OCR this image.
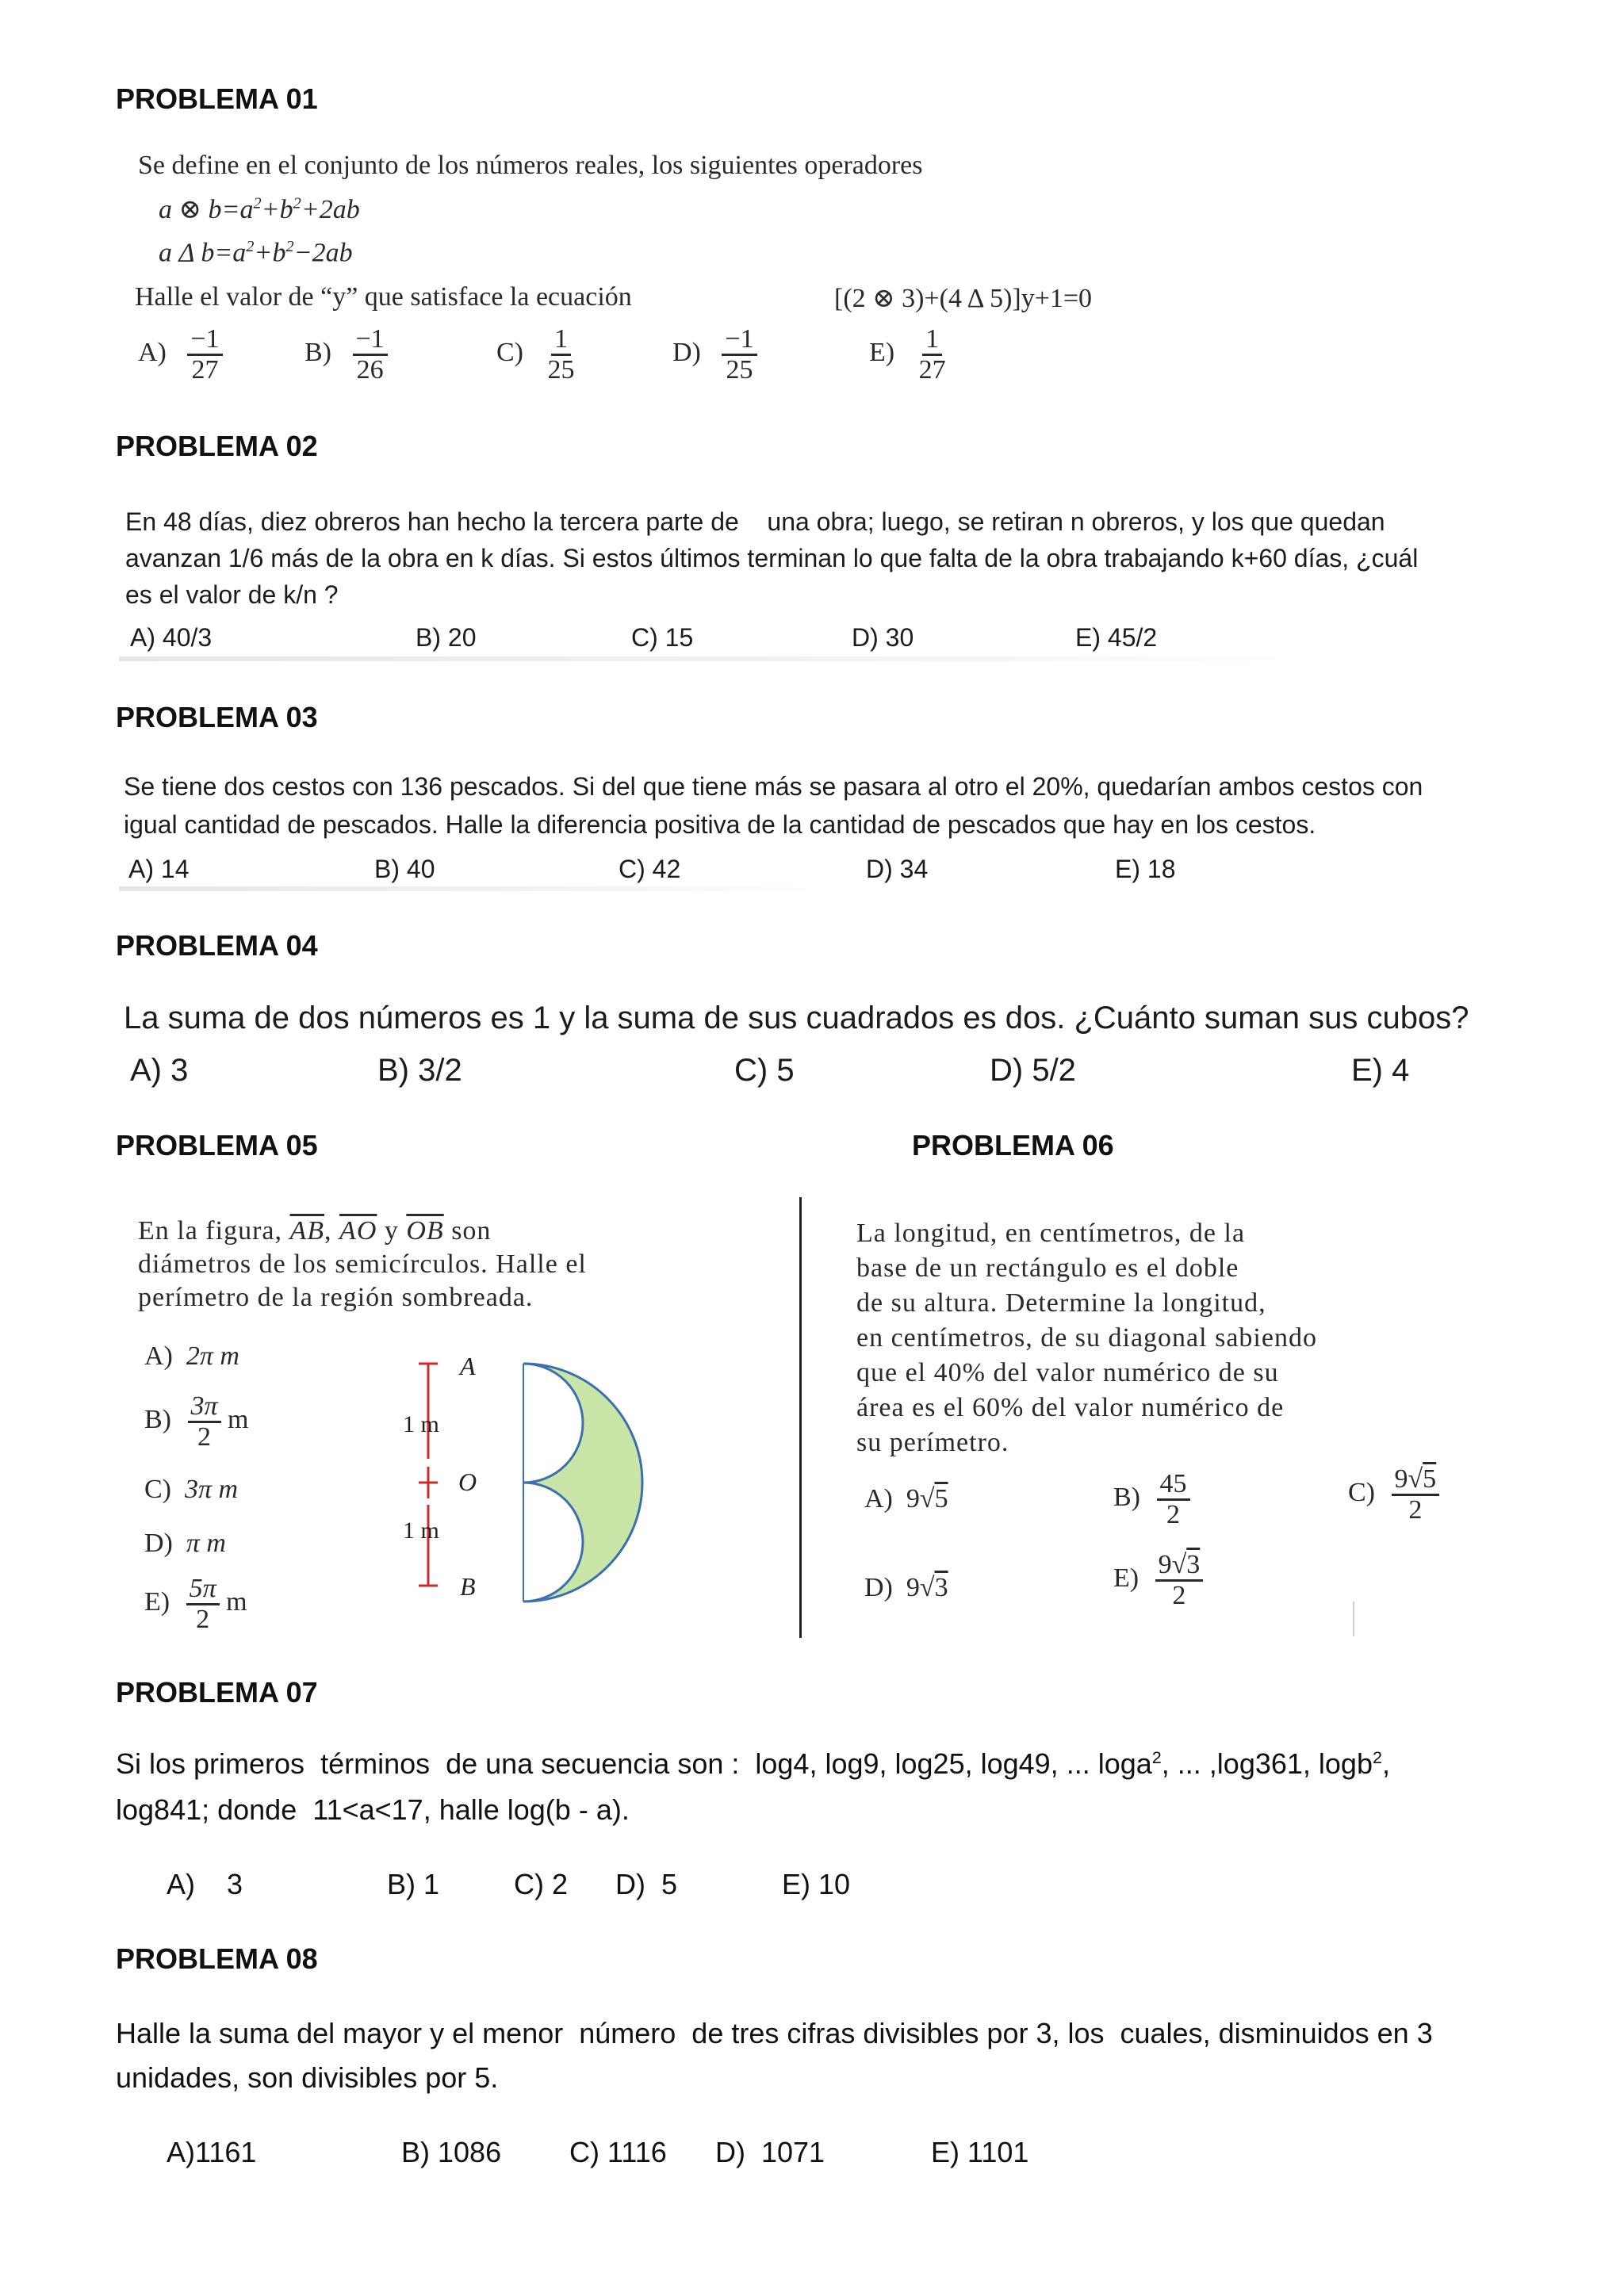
PROBLEMA 01
Se define en el conjunto de los números reales, los siguientes operadores
a ⊗ $b=a^2+b^2+2ab$
a Δ $b=a^2+b^2-2ab$
Halle el valor de “y” que satisface la ecuación	[(2 ⊗ 3)+(4 Δ 5)]y+1=0
$A) \frac{-1}{27}$	$B) \frac{-1}{26}$	$C) \frac{1}{25}$	$D) \frac{-1}{25}$	$E) \frac{1}{27}$
PROBLEMA 02
En 48 días, diez obreros han hecho la tercera parte de    una obra; luego, se retiran n obreros, y los que quedan
avanzan 1/6 más de la obra en k días. Si estos últimos terminan lo que falta de la obra trabajando k+60 días, ¿cuál
es el valor de k/n ?
A) 40/3	B) 20	C) 15	D) 30	E) 45/2
PROBLEMA 03
Se tiene dos cestos con 136 pescados. Si del que tiene más se pasara al otro el 20%, quedarían ambos cestos con
igual cantidad de pescados. Halle la diferencia positiva de la cantidad de pescados que hay en los cestos.
A) 14	B) 40	C) 42	D) 34	E) 18
PROBLEMA 04
La suma de dos números es 1 y la suma de sus cuadrados es dos. ¿Cuánto suman sus cubos?
A) 3	B) 3/2	C) 5	D) 5/2	E) 4
PROBLEMA 05	PROBLEMA 06
En la figura, $\overline{AB}$, $\overline{AO}$ y $\overline{OB}$ son
diámetros de los semicírculos. Halle el
perímetro de la región sombreada.
A) 2π m
$B) \frac{3\pi}{2}$ m
C) 3π m
D) π m
$E) \frac{5\pi}{2}$ m
A
O
B
1 m
1 m
La longitud, en centímetros, de la
base de un rectángulo es el doble
de su altura. Determine la longitud,
en centímetros, de su diagonal sabiendo
que el 40% del valor numérico de su
área es el 60% del valor numérico de
su perímetro.
A) 9√5	$B) \frac{45}{2}$	$C) \frac{9√5}{2}$
D) 9√3	$E) \frac{9√3}{2}$
PROBLEMA 07
Si los primeros  términos  de una secuencia son :  log4, log9, log25, log49, ... loga$^2$, ... ,log361, logb$^2$,
log841; donde  11<a<17, halle log(b - a).
A)    3	B) 1	C) 2 D)  5	E) 10
PROBLEMA 08
Halle la suma del mayor y el menor  número  de tres cifras divisibles por 3, los  cuales, disminuidos en 3
unidades, son divisibles por 5.
A)1161	B) 1086 C) 1116 D)  1071	E) 1101
